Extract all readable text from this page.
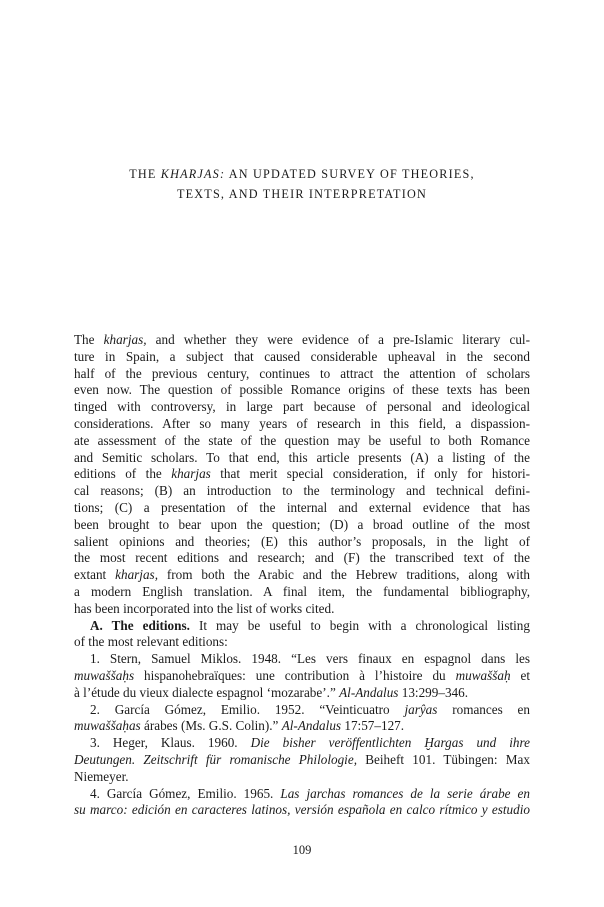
THE KHARJAS: AN UPDATED SURVEY OF THEORIES,
TEXTS, AND THEIR INTERPRETATION
The kharjas, and whether they were evidence of a pre-Islamic literary cul-
ture in Spain, a subject that caused considerable upheaval in the second
half of the previous century, continues to attract the attention of scholars
even now. The question of possible Romance origins of these texts has been
tinged with controversy, in large part because of personal and ideological
considerations. After so many years of research in this field, a dispassion-
ate assessment of the state of the question may be useful to both Romance
and Semitic scholars. To that end, this article presents (A) a listing of the
editions of the kharjas that merit special consideration, if only for histori-
cal reasons; (B) an introduction to the terminology and technical defini-
tions; (C) a presentation of the internal and external evidence that has
been brought to bear upon the question; (D) a broad outline of the most
salient opinions and theories; (E) this author’s proposals, in the light of
the most recent editions and research; and (F) the transcribed text of the
extant kharjas, from both the Arabic and the Hebrew traditions, along with
a modern English translation. A final item, the fundamental bibliography,
has been incorporated into the list of works cited.
A. The editions. It may be useful to begin with a chronological listing
of the most relevant editions:
1. Stern, Samuel Miklos. 1948. “Les vers finaux en espagnol dans les
muwaššaḥs hispanohebraïques: une contribution à l’histoire du muwaššaḥ et
à l’étude du vieux dialecte espagnol ‘mozarabe’.” Al-Andalus 13:299–346.
2. García Gómez, Emilio. 1952. “Veinticuatro jarŷas romances en
muwaššaḥas árabes (Ms. G.S. Colin).” Al-Andalus 17:57–127.
3. Heger, Klaus. 1960. Die bisher veröffentlichten Ḫargas und ihre
Deutungen. Zeitschrift für romanische Philologie, Beiheft 101. Tübingen: Max
Niemeyer.
4. García Gómez, Emilio. 1965. Las jarchas romances de la serie árabe en
su marco: edición en caracteres latinos, versión española en calco rítmico y estudio
109
